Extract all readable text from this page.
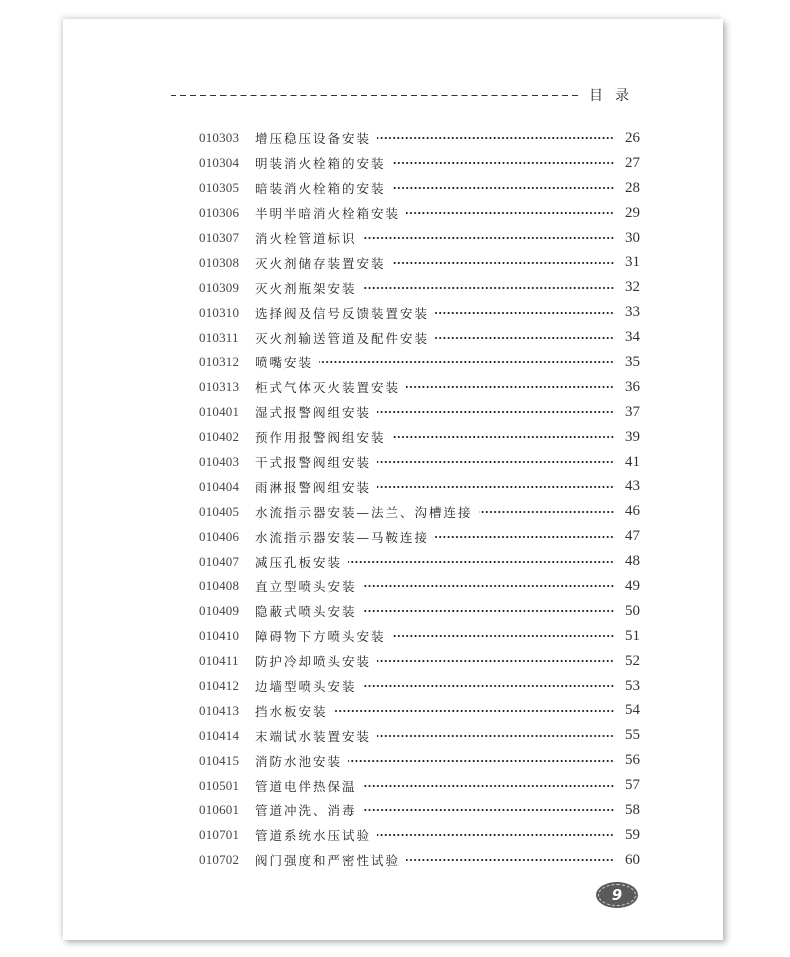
目录
010303	增压稳压设备安装	26
010304	明装消火栓箱的安装	27
010305	暗装消火栓箱的安装	28
010306	半明半暗消火栓箱安装	29
010307	消火栓管道标识	30
010308	灭火剂储存装置安装	31
010309	灭火剂瓶架安装	32
010310	选择阀及信号反馈装置安装	33
010311	灭火剂输送管道及配件安装	34
010312	喷嘴安装	35
010313	柜式气体灭火装置安装	36
010401	湿式报警阀组安装	37
010402	预作用报警阀组安装	39
010403	干式报警阀组安装	41
010404	雨淋报警阀组安装	43
010405	水流指示器安装—法兰、沟槽连接	46
010406	水流指示器安装—马鞍连接	47
010407	减压孔板安装	48
010408	直立型喷头安装	49
010409	隐蔽式喷头安装	50
010410	障碍物下方喷头安装	51
010411	防护冷却喷头安装	52
010412	边墙型喷头安装	53
010413	挡水板安装	54
010414	末端试水装置安装	55
010415	消防水池安装	56
010501	管道电伴热保温	57
010601	管道冲洗、消毒	58
010701	管道系统水压试验	59
010702	阀门强度和严密性试验	60
9
